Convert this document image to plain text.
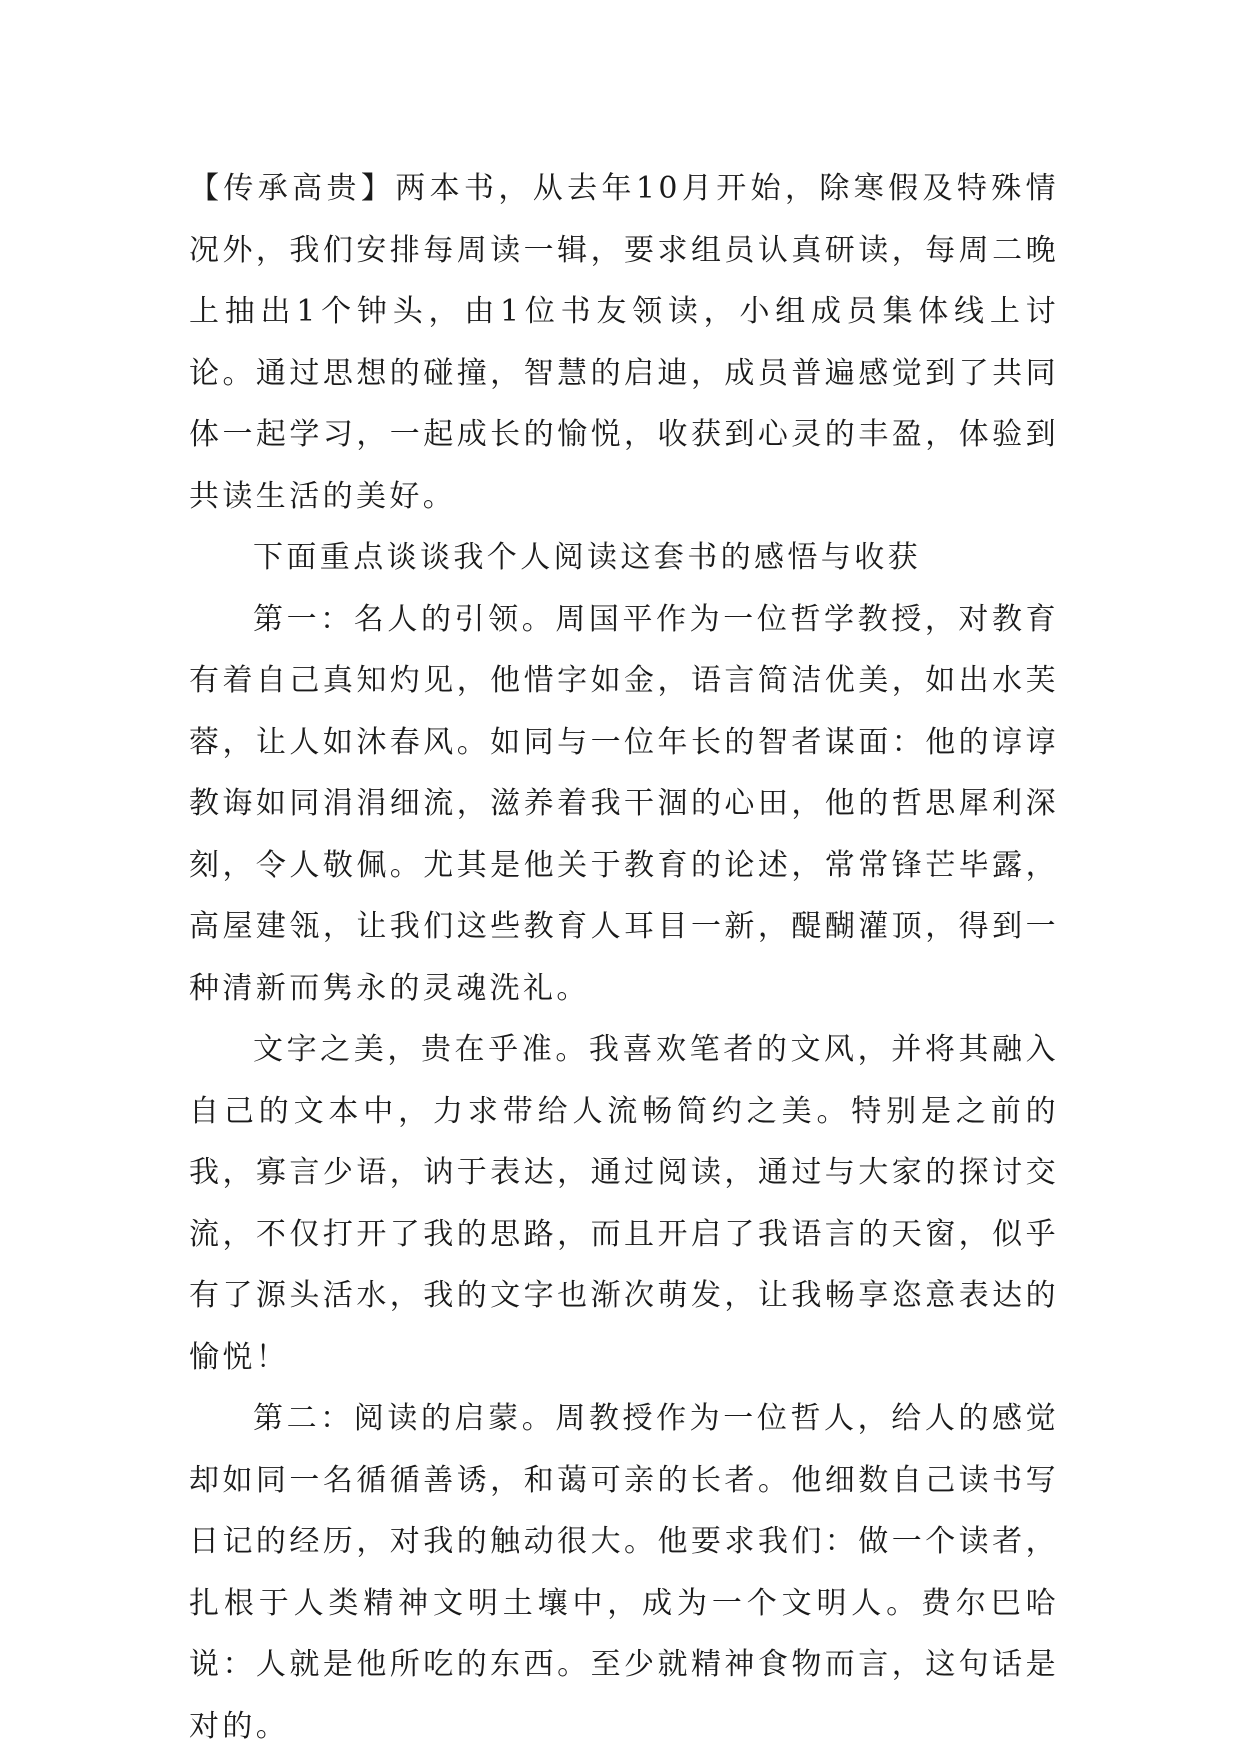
【传承高贵】两本书，从去年10月开始，除寒假及特殊情况外，我们安排每周读一辑，要求组员认真研读，每周二晚上抽出1个钟头，由1位书友领读，小组成员集体线上讨论。通过思想的碰撞，智慧的启迪，成员普遍感觉到了共同体一起学习，一起成长的愉悦，收获到心灵的丰盈，体验到共读生活的美好。

下面重点谈谈我个人阅读这套书的感悟与收获

第一：名人的引领。周国平作为一位哲学教授，对教育有着自己真知灼见，他惜字如金，语言简洁优美，如出水芙蓉，让人如沐春风。如同与一位年长的智者谋面：他的谆谆教诲如同涓涓细流，滋养着我干涸的心田，他的哲思犀利深刻，令人敬佩。尤其是他关于教育的论述，常常锋芒毕露，高屋建瓴，让我们这些教育人耳目一新，醍醐灌顶，得到一种清新而隽永的灵魂洗礼。

文字之美，贵在乎准。我喜欢笔者的文风，并将其融入自己的文本中，力求带给人流畅简约之美。特别是之前的我，寡言少语，讷于表达，通过阅读，通过与大家的探讨交流，不仅打开了我的思路，而且开启了我语言的天窗，似乎有了源头活水，我的文字也渐次萌发，让我畅享恣意表达的愉悦！

第二：阅读的启蒙。周教授作为一位哲人，给人的感觉却如同一名循循善诱，和蔼可亲的长者。他细数自己读书写日记的经历，对我的触动很大。他要求我们：做一个读者，扎根于人类精神文明土壤中，成为一个文明人。费尔巴哈说：人就是他所吃的东西。至少就精神食物而言，这句话是对的。
